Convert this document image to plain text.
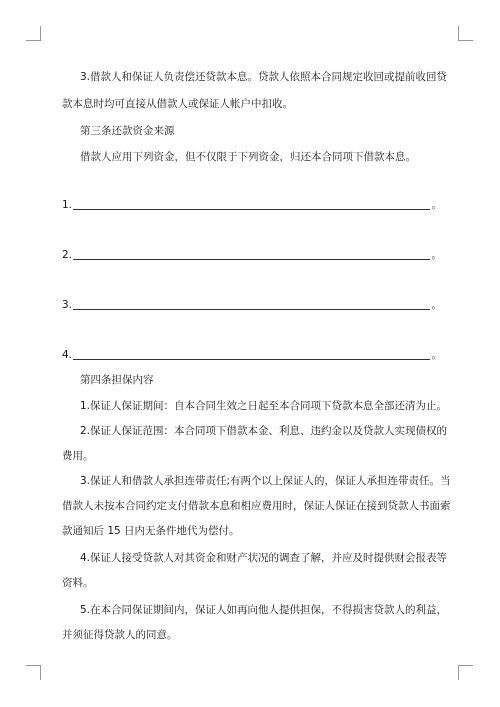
3.借款人和保证人负责偿还贷款本息。贷款人依照本合同规定收回或提前收回贷
款本息时均可直接从借款人或保证人帐户中扣收。
第三条还款资金来源
借款人应用下列资金，但不仅限于下列资金，归还本合同项下借款本息。
1.	。
2.	。
3.	。
4.	。
第四条担保内容
1.保证人保证期间：自本合同生效之日起至本合同项下贷款本息全部还清为止。
2.保证人保证范围：本合同项下借款本金、利息、违约金以及贷款人实现债权的
费用。
3.保证人和借款人承担连带责任;有两个以上保证人的，保证人承担连带责任。当
借款人未按本合同约定支付借款本息和相应费用时，保证人保证在接到贷款人书面索
款通知后 15 日内无条件地代为偿付。
4.保证人接受贷款人对其资金和财产状况的调查了解，并应及时提供财会报表等
资料。
5.在本合同保证期间内，保证人如再向他人提供担保，不得损害贷款人的利益，
并须征得贷款人的同意。
